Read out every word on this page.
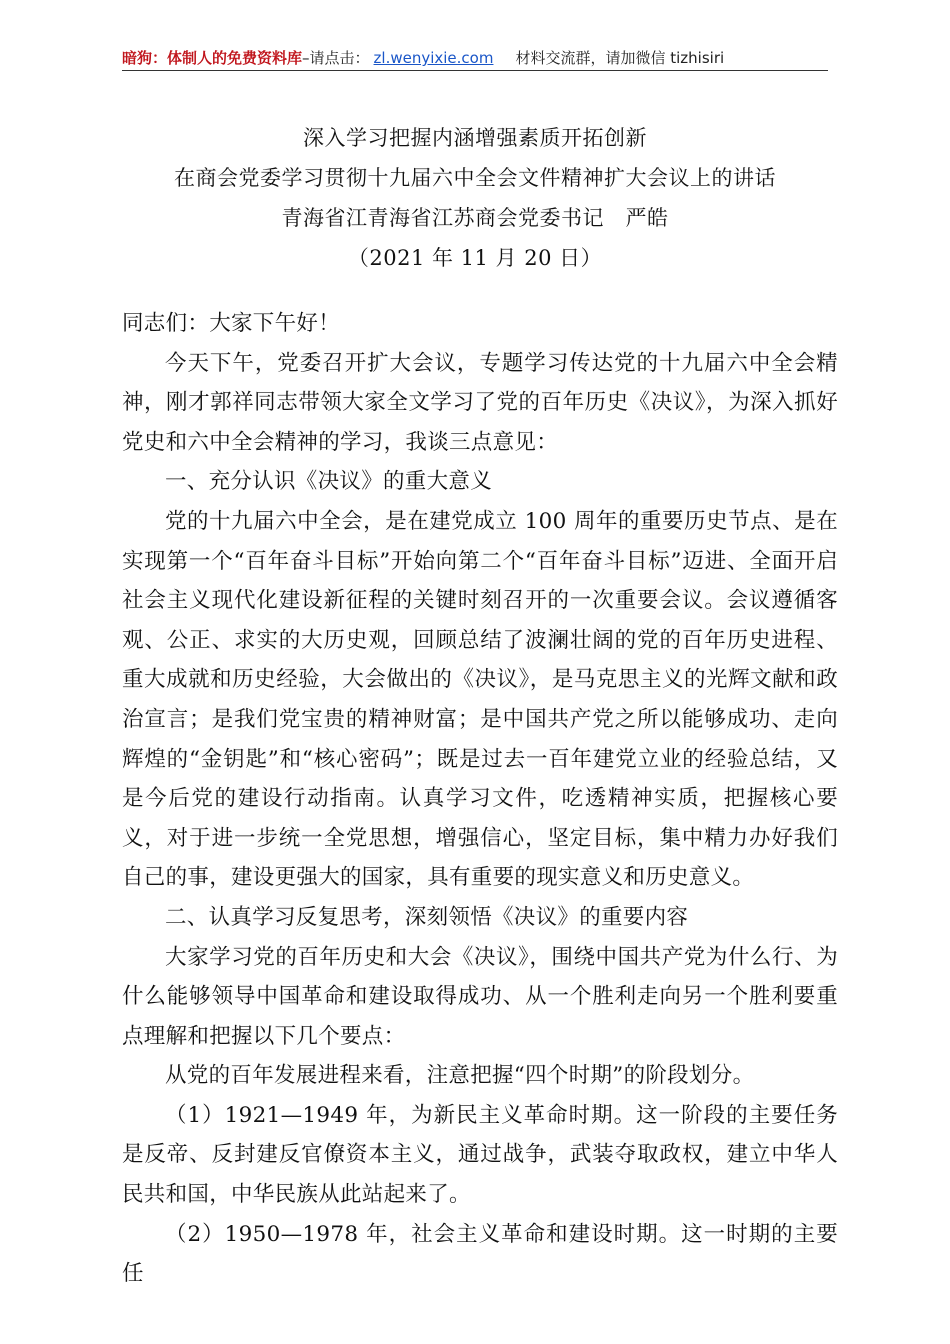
暗狗：体制人的免费资料库–请点击： zl.wenyixie.com 材料交流群，请加微信 tizhisiri
深入学习把握内涵增强素质开拓创新
在商会党委学习贯彻十九届六中全会文件精神扩大会议上的讲话
青海省江青海省江苏商会党委书记　严皓
（2021 年 11 月 20 日）

同志们：大家下午好！

今天下午，党委召开扩大会议，专题学习传达党的十九届六中全会精神，刚才郭祥同志带领大家全文学习了党的百年历史《决议》，为深入抓好党史和六中全会精神的学习，我谈三点意见：

一、充分认识《决议》的重大意义

党的十九届六中全会，是在建党成立 100 周年的重要历史节点、是在实现第一个“百年奋斗目标”开始向第二个“百年奋斗目标”迈进、全面开启社会主义现代化建设新征程的关键时刻召开的一次重要会议。会议遵循客观、公正、求实的大历史观，回顾总结了波澜壮阔的党的百年历史进程、重大成就和历史经验，大会做出的《决议》，是马克思主义的光辉文献和政治宣言；是我们党宝贵的精神财富；是中国共产党之所以能够成功、走向辉煌的“金钥匙”和“核心密码”；既是过去一百年建党立业的经验总结，又是今后党的建设行动指南。认真学习文件，吃透精神实质，把握核心要义，对于进一步统一全党思想，增强信心，坚定目标，集中精力办好我们自己的事，建设更强大的国家，具有重要的现实意义和历史意义。

二、认真学习反复思考，深刻领悟《决议》的重要内容

大家学习党的百年历史和大会《决议》，围绕中国共产党为什么行、为什么能够领导中国革命和建设取得成功、从一个胜利走向另一个胜利要重点理解和把握以下几个要点：

从党的百年发展进程来看，注意把握“四个时期”的阶段划分。

（1）1921—1949 年，为新民主义革命时期。这一阶段的主要任务是反帝、反封建反官僚资本主义，通过战争，武装夺取政权，建立中华人民共和国，中华民族从此站起来了。

（2）1950—1978 年，社会主义革命和建设时期。这一时期的主要任
